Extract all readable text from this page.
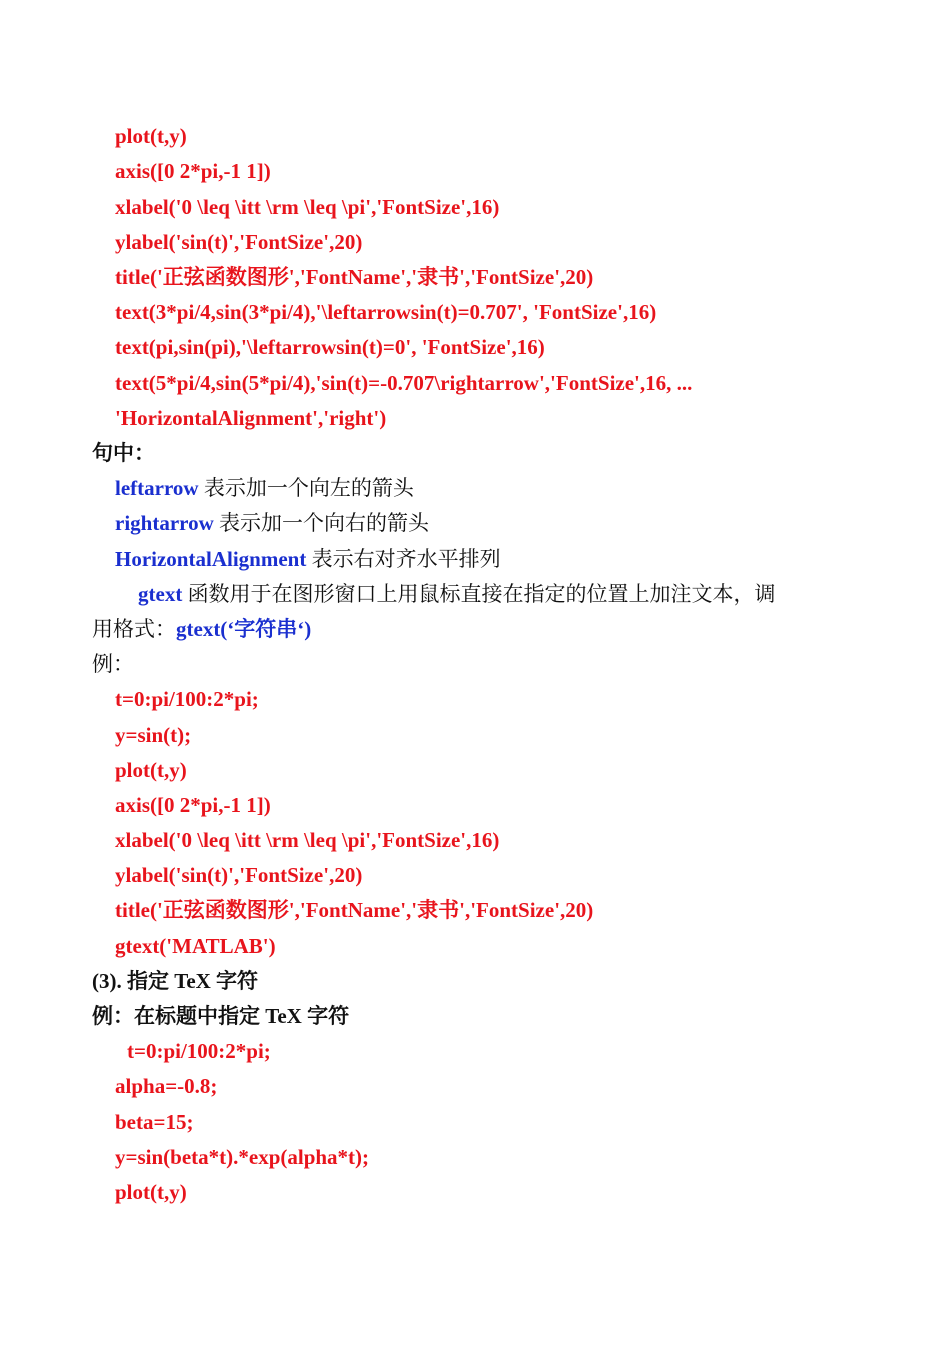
plot(t,y)
axis([0 2*pi,-1 1])
xlabel('0 \leq \itt \rm \leq \pi','FontSize',16)
ylabel('sin(t)','FontSize',20)
title('正弦函数图形','FontName','隶书','FontSize',20)
text(3*pi/4,sin(3*pi/4),'\leftarrowsin(t)=0.707', 'FontSize',16)
text(pi,sin(pi),'\leftarrowsin(t)=0', 'FontSize',16)
text(5*pi/4,sin(5*pi/4),'sin(t)=-0.707\rightarrow','FontSize',16, ...
'HorizontalAlignment','right')
句中：
leftarrow 表示加一个向左的箭头
rightarrow 表示加一个向右的箭头
HorizontalAlignment 表示右对齐水平排列
gtext 函数用于在图形窗口上用鼠标直接在指定的位置上加注文本，调
用格式：gtext(‘字符串‘)
例：
t=0:pi/100:2*pi;
y=sin(t);
plot(t,y)
axis([0 2*pi,-1 1])
xlabel('0 \leq \itt \rm \leq \pi','FontSize',16)
ylabel('sin(t)','FontSize',20)
title('正弦函数图形','FontName','隶书','FontSize',20)
gtext('MATLAB')
(3). 指定 TeX 字符
例：在标题中指定 TeX 字符
t=0:pi/100:2*pi;
alpha=-0.8;
beta=15;
y=sin(beta*t).*exp(alpha*t);
plot(t,y)
